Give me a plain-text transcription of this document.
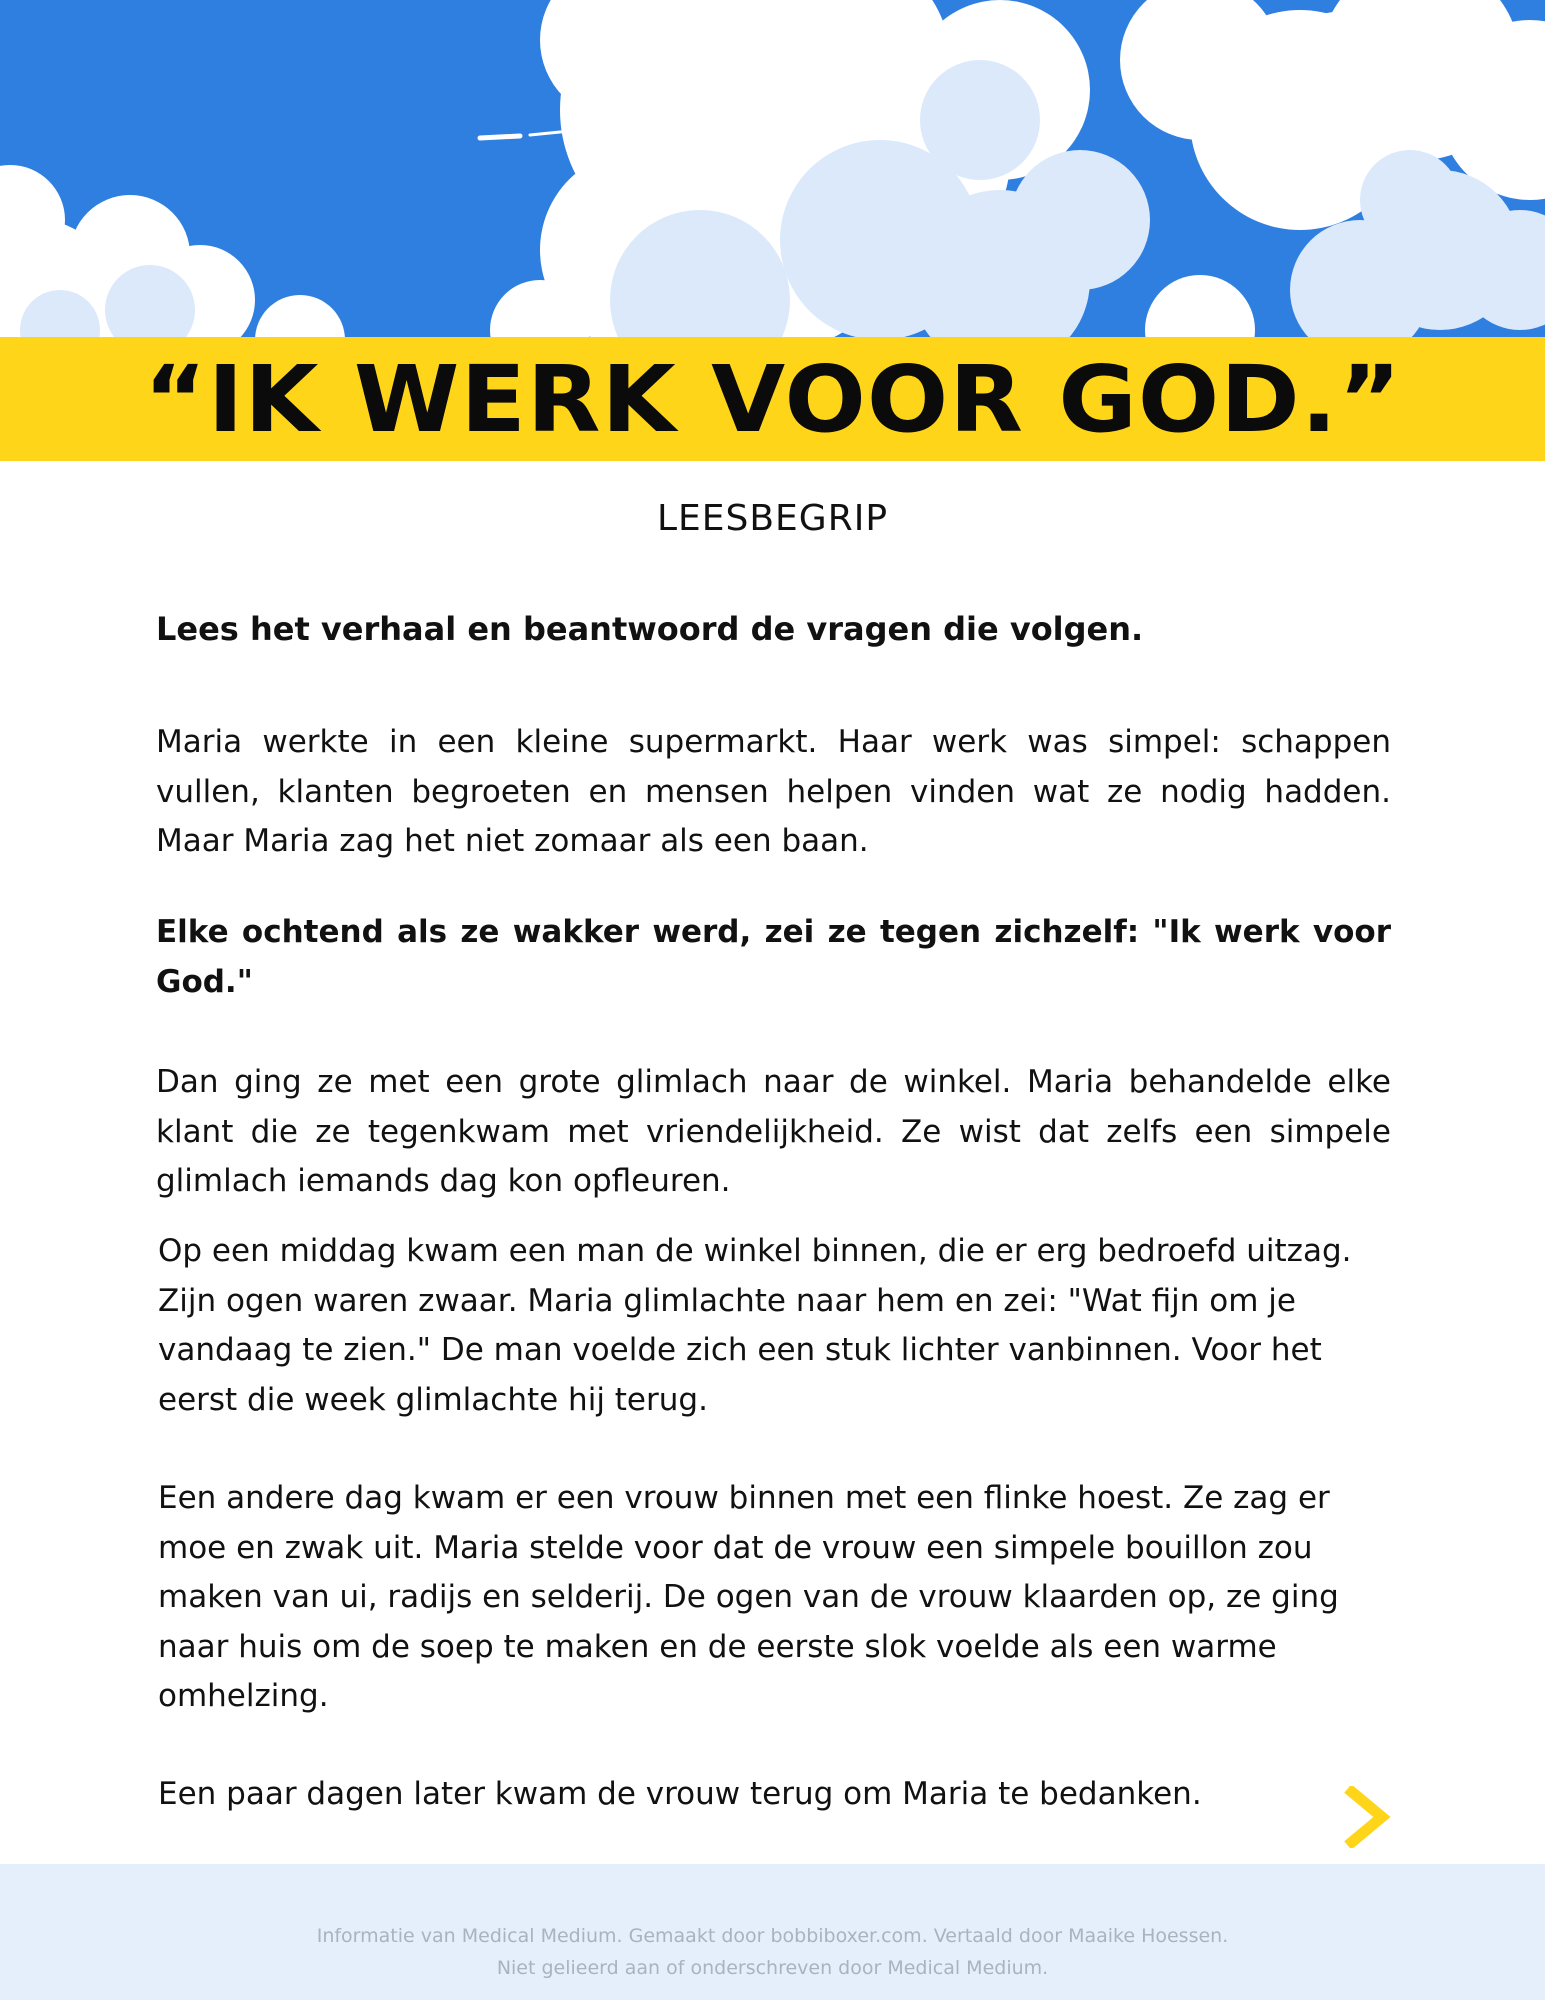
“IK WERK VOOR GOD.”
LEESBEGRIP
Lees het verhaal en beantwoord de vragen die volgen.

Maria werkte in een kleine supermarkt. Haar werk was simpel: schappen vullen, klanten begroeten en mensen helpen vinden wat ze nodig hadden. Maar Maria zag het niet zomaar als een baan.

Elke ochtend als ze wakker werd, zei ze tegen zichzelf: "Ik werk voor God."

Dan ging ze met een grote glimlach naar de winkel. Maria behandelde elke klant die ze tegenkwam met vriendelijkheid. Ze wist dat zelfs een simpele glimlach iemands dag kon opfleuren.

Op een middag kwam een man de winkel binnen, die er erg bedroefd uitzag. Zijn ogen waren zwaar. Maria glimlachte naar hem en zei: "Wat fijn om je vandaag te zien." De man voelde zich een stuk lichter vanbinnen. Voor het eerst die week glimlachte hij terug.

Een andere dag kwam er een vrouw binnen met een flinke hoest. Ze zag er moe en zwak uit. Maria stelde voor dat de vrouw een simpele bouillon zou maken van ui, radijs en selderij. De ogen van de vrouw klaarden op, ze ging naar huis om de soep te maken en de eerste slok voelde als een warme omhelzing.

Een paar dagen later kwam de vrouw terug om Maria te bedanken.

Informatie van Medical Medium. Gemaakt door bobbiboxer.com. Vertaald door Maaike Hoessen.
Niet gelieerd aan of onderschreven door Medical Medium.
